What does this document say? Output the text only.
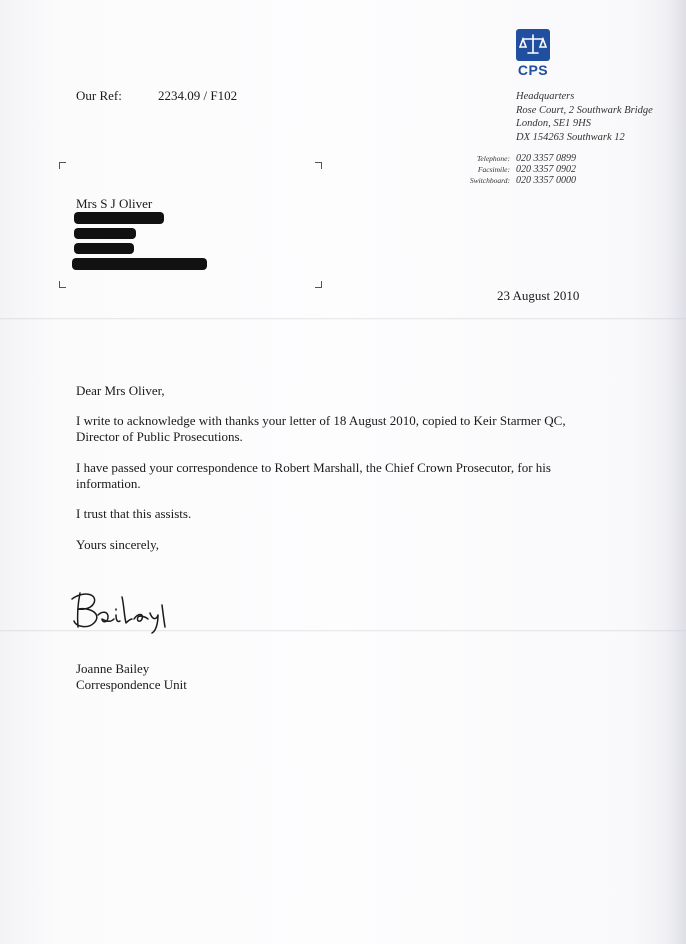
CPS
Our Ref:	2234.09 / F102	Headquarters
Rose Court, 2 Southwark Bridge
London, SE1 9HS
DX 154263 Southwark 12
Telephone: 020 3357 0899
Facsimile: 020 3357 0902
Switchboard: 020 3357 0000
Mrs S J Oliver
23 August 2010
Dear Mrs Oliver,
I write to acknowledge with thanks your letter of 18 August 2010, copied to Keir Starmer QC, Director of Public Prosecutions.
I have passed your correspondence to Robert Marshall, the Chief Crown Prosecutor, for his information.
I trust that this assists.
Yours sincerely,
Joanne Bailey
Correspondence Unit
